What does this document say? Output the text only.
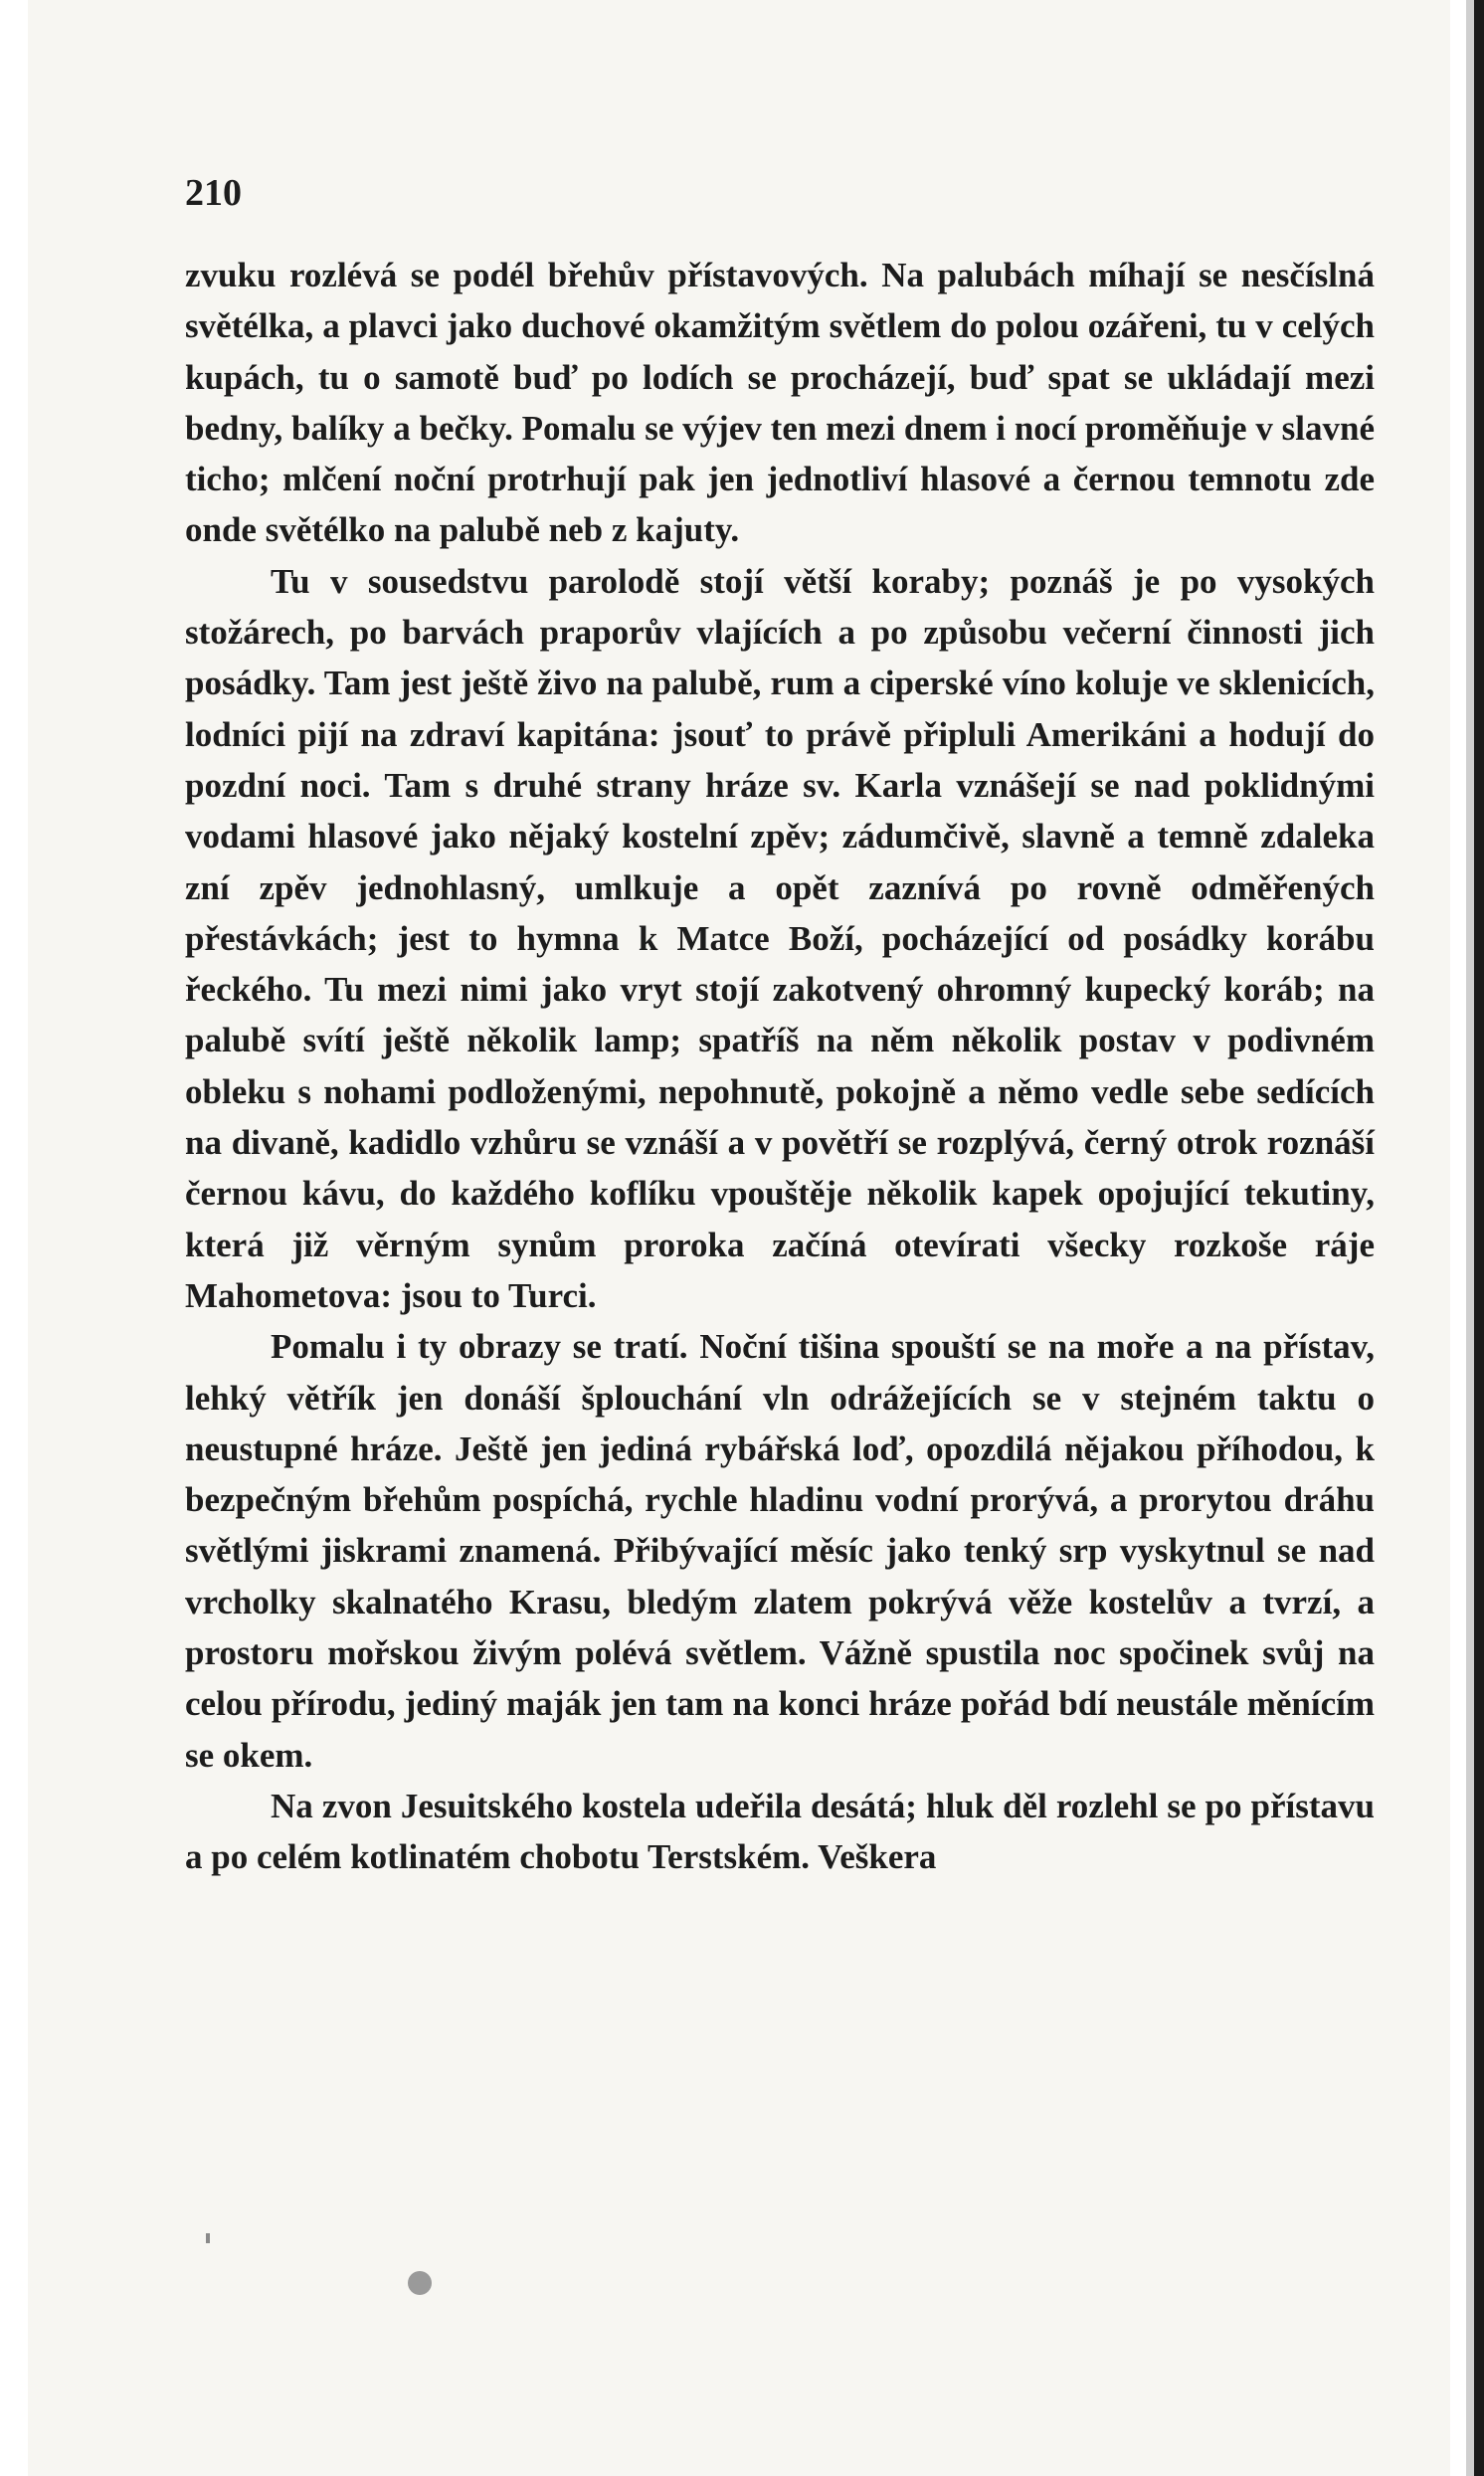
210

zvuku rozlévá se podél břehův přístavových. Na palubách míhají se nesčíslná světélka, a plavci jako duchové okamžitým světlem do polou ozářeni, tu v celých kupách, tu o samotě buď po lodích se procházejí, buď spat se ukládají mezi bedny, balíky a bečky. Pomalu se výjev ten mezi dnem i nocí proměňuje v slavné ticho; mlčení noční protrhují pak jen jednotliví hlasové a černou temnotu zde onde světélko na palubě neb z kajuty.

Tu v sousedstvu parolodě stojí větší koraby; poznáš je po vysokých stožárech, po barvách praporův vlajících a po způsobu večerní činnosti jich posádky. Tam jest ještě živo na palubě, rum a ciperské víno koluje ve sklenicích, lodníci pijí na zdraví kapitána: jsouť to právě připluli Amerikáni a hodují do pozdní noci. Tam s druhé strany hráze sv. Karla vznášejí se nad poklidnými vodami hlasové jako nějaký kostelní zpěv; zádumčivě, slavně a temně zdaleka zní zpěv jednohlasný, umlkuje a opět zaznívá po rovně odměřených přestávkách; jest to hymna k Matce Boží, pocházející od posádky korábu řeckého. Tu mezi nimi jako vryt stojí zakotvený ohromný kupecký koráb; na palubě svítí ještě několik lamp; spatříš na něm několik postav v podivném obleku s nohami podloženými, nepohnutě, pokojně a němo vedle sebe sedících na divaně, kadidlo vzhůru se vznáší a v povětří se rozplývá, černý otrok roznáší černou kávu, do každého koflíku vpouštěje několik kapek opojující tekutiny, která již věrným synům proroka začíná otevírati všecky rozkoše ráje Mahometova: jsou to Turci.

Pomalu i ty obrazy se tratí. Noční tišina spouští se na moře a na přístav, lehký větřík jen donáší šplouchání vln odrážejících se v stejném taktu o neustupné hráze. Ještě jen jediná rybářská loď, opozdilá nějakou příhodou, k bezpečným břehům pospíchá, rychle hladinu vodní prorývá, a prorytou dráhu světlými jiskrami znamená. Přibývající měsíc jako tenký srp vyskytnul se nad vrcholky skalnatého Krasu, bledým zlatem pokrývá věže kostelův a tvrzí, a prostoru mořskou živým polévá světlem. Vážně spustila noc spočinek svůj na celou přírodu, jediný maják jen tam na konci hráze pořád bdí neustále měnícím se okem.

Na zvon Jesuitského kostela udeřila desátá; hluk děl rozlehl se po přístavu a po celém kotlinatém chobotu Terstském. Veškera
